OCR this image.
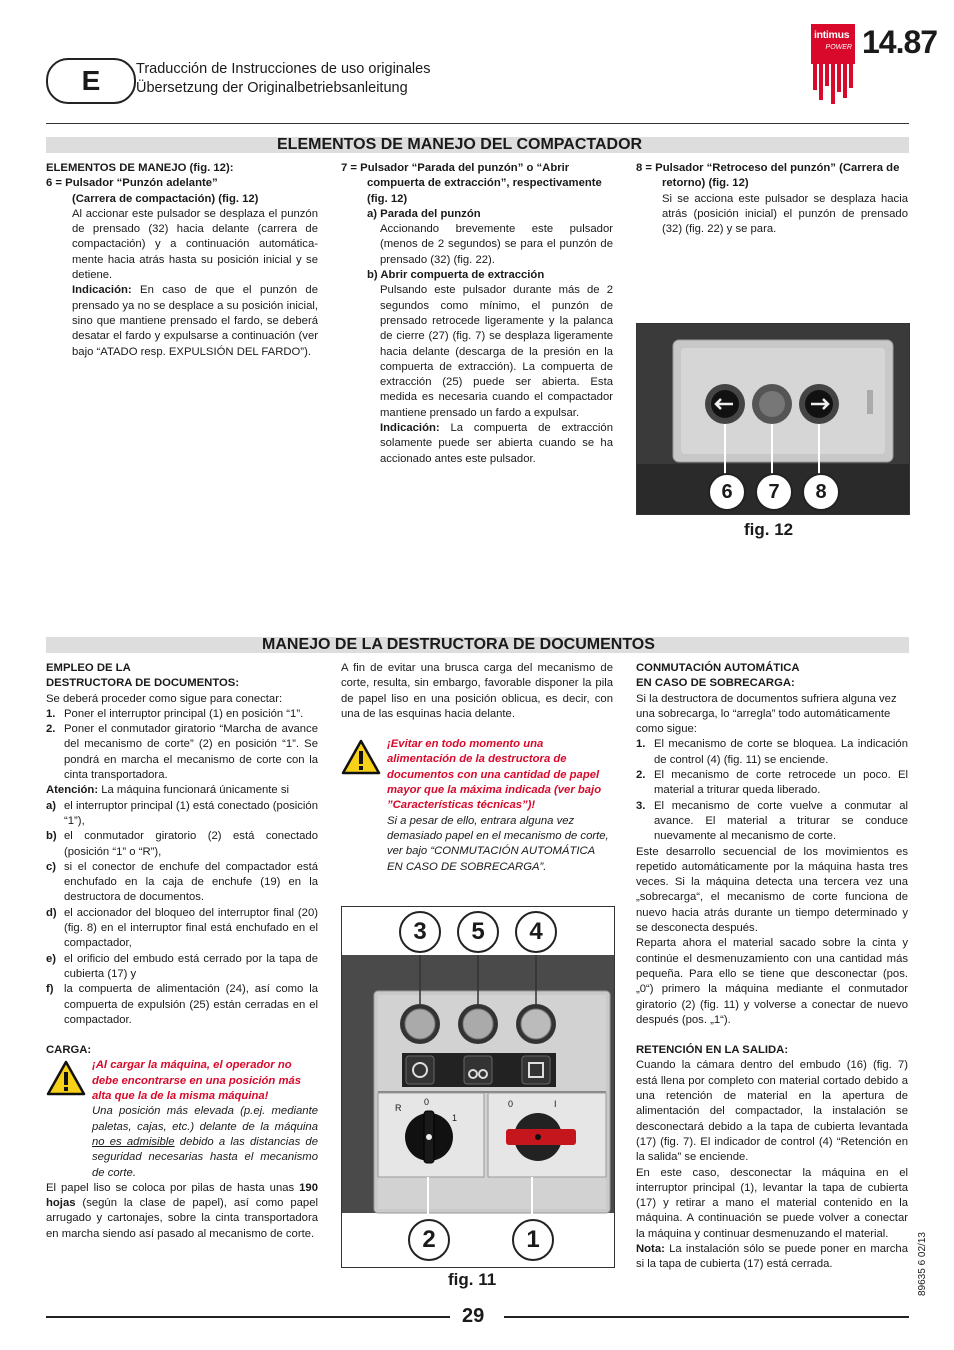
E Traducción de Instrucciones de uso originales
Übersetzung der Originalbetriebsanleitung
intimus
POWER 14.87
ELEMENTOS DE MANEJO DEL COMPACTADOR

ELEMENTOS DE MANEJO (fig. 12):

6 = Pulsador “Punzón adelante”

(Carrera de compactación) (fig. 12)

Al accionar este pulsador se desplaza el punzón de prensado (32) hacia delante (carrera de compactación) y a continuación automática-mente hacia atrás hasta su posición inicial y se detiene.

Indicación: En caso de que el punzón de prensado ya no se desplace a su posición inicial, sino que mantiene prensado el fardo, se deberá desatar el fardo y expulsarse a continuación (ver bajo “ATADO resp. EXPULSIÓN DEL FARDO”).

7 = Pulsador “Parada del punzón” o “Abrir compuerta de extracción”, respectivamente (fig. 12)

a) Parada del punzón

Accionando brevemente este pulsador (menos de 2 segundos) se para el punzón de prensado (32) (fig. 22).

b) Abrir compuerta de extracción

Pulsando este pulsador durante más de 2 segundos como mínimo, el punzón de prensado retrocede ligeramente y la palanca de cierre (27) (fig. 7) se desplaza ligeramente hacia delante (descarga de la presión en la compuerta de extracción). La compuerta de extracción (25) puede ser abierta. Esta medida es necesaria cuando el compactador mantiene prensado un fardo a expulsar.

Indicación: La compuerta de extracción solamente puede ser abierta cuando se ha accionado antes este pulsador.

8 = Pulsador “Retroceso del punzón” (Carrera de retorno) (fig. 12)

Si se acciona este pulsador se desplaza hacia atrás (posición inicial) el punzón de prensado (32) (fig. 22) y se para.

6	7	8
fig. 12
MANEJO DE LA DESTRUCTORA DE DOCUMENTOS

EMPLEO DE LA

DESTRUCTORA DE DOCUMENTOS:

Se deberá proceder como sigue para conectar:

1. Poner el interruptor principal (1) en posición “1”.
2. Poner el conmutador giratorio “Marcha de avance del mecanismo de corte” (2) en posición “1”. Se pondrá en marcha el mecanismo de corte con la cinta transportadora.

Atención: La máquina funcionará únicamente si

a) el interruptor principal (1) está conectado (posición “1”),
b) el conmutador giratorio (2) está conectado (posición “1” o “R”),
c) si el conector de enchufe del compactador está enchufado en la caja de enchufe (19) en la destructora de documentos.
d) el accionador del bloqueo del interruptor final (20) (fig. 8) en el interruptor final está enchufado en el compactador,
e) el orificio del embudo está cerrado por la tapa de cubierta (17) y
f) la compuerta de alimentación (24), así como la compuerta de expulsión (25) están cerradas en el compactador.

CARGA:

¡Al cargar la máquina, el operador no debe encontrarse en una posición más alta que la de la misma máquina!

Una posición más elevada (p.ej. mediante paletas, cajas, etc.) delante de la máquina no es admisible debido a las distancias de seguridad necesarias hasta el mecanismo de corte.

El papel liso se coloca por pilas de hasta unas 190 hojas (según la clase de papel), así como papel arrugado y cartonajes, sobre la cinta transportadora en marcha siendo así pasado al mecanismo de corte.

A fin de evitar una brusca carga del mecanismo de corte, resulta, sin embargo, favorable disponer la pila de papel liso en una posición oblicua, es decir, con una de las esquinas hacia delante.

¡Evitar en todo momento una alimentación de la destructora de documentos con una cantidad de papel mayor que la máxima indicada (ver bajo ”Características técnicas”)!

Si a pesar de ello, entrara alguna vez demasiado papel en el mecanismo de corte, ver bajo “CONMUTACIÓN AUTOMÁTICA EN CASO DE SOBRECARGA”.

R
0
1
0	I
3	5	4
2	1
fig. 11

CONMUTACIÓN AUTOMÁTICA

EN CASO DE SOBRECARGA:

Si la destructora de documentos sufriera alguna vez una sobrecarga, lo “arregla” todo automáticamente como sigue:

1. El mecanismo de corte se bloquea. La indicación de control (4) (fig. 11) se enciende.
2. El mecanismo de corte retrocede un poco. El material a triturar queda liberado.
3. El mecanismo de corte vuelve a conmutar al avance. El material a triturar se conduce nuevamente al mecanismo de corte.

Este desarrollo secuencial de los movimientos es repetido automáticamente por la máquina hasta tres veces. Si la máquina detecta una tercera vez una „sobrecarga“, el mecanismo de corte funciona de nuevo hacia atrás durante un tiempo determinado y se desconecta después.

Reparta ahora el material sacado sobre la cinta y continúe el desmenuzamiento con una cantidad más pequeña. Para ello se tiene que desconectar (pos. „0“) primero la máquina mediante el conmutador giratorio (2) (fig. 11) y volverse a conectar de nuevo después (pos. „1“).

RETENCIÓN EN LA SALIDA:

Cuando la cámara dentro del embudo (16) (fig. 7) está llena por completo con material cortado debido a una retención de material en la apertura de alimentación del compactador, la instalación se desconectará debido a la tapa de cubierta levantada (17) (fig. 7). El indicador de control (4) “Retención en la salida” se enciende.

En este caso, desconectar la máquina en el interruptor principal (1), levantar la tapa de cubierta (17) y retirar a mano el material contenido en la máquina. A continuación se puede volver a conectar la máquina y continuar desmenuzando el material.

Nota: La instalación sólo se puede poner en marcha si la tapa de cubierta (17) está cerrada.

29
89635 6 02/13
